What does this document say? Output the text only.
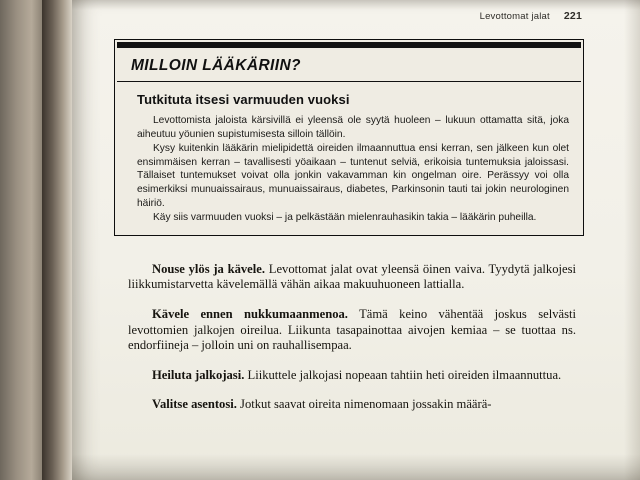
Levottomat jalat 221
MILLOIN LÄÄKÄRIIN?
Tutkituta itsesi varmuuden vuoksi

Levottomista jaloista kärsivillä ei yleensä ole syytä huoleen – lukuun ottamatta sitä, joka aiheutuu yöunien supistumisesta silloin tällöin.

Kysy kuitenkin lääkärin mielipidettä oireiden ilmaannuttua ensi kerran, sen jälkeen kun olet ensimmäisen kerran – tavallisesti yöaikaan – tuntenut selviä, erikoisia tuntemuksia jaloissasi. Tällaiset tuntemukset voivat olla jonkin vakavamman kin ongelman oire. Perässyy voi olla esimerkiksi munuaissairaus, munuaissairaus, diabetes, Parkinsonin tauti tai jokin neurologinen häiriö.

Käy siis varmuuden vuoksi – ja pelkästään mielenrauhasikin takia – lääkärin puheilla.

Nouse ylös ja kävele. Levottomat jalat ovat yleensä öinen vaiva. Tyydytä jalkojesi liikkumistarvetta kävelemällä vähän aikaa makuuhuoneen lattialla.

Kävele ennen nukkumaanmenoa. Tämä keino vähentää joskus selvästi levottomien jalkojen oireilua. Liikunta tasapainottaa aivojen kemiaa – se tuottaa ns. endorfiineja – jolloin uni on rauhallisempaa.

Heiluta jalkojasi. Liikuttele jalkojasi nopeaan tahtiin heti oireiden ilmaannuttua.

Valitse asentosi. Jotkut saavat oireita nimenomaan jossakin määrä-
